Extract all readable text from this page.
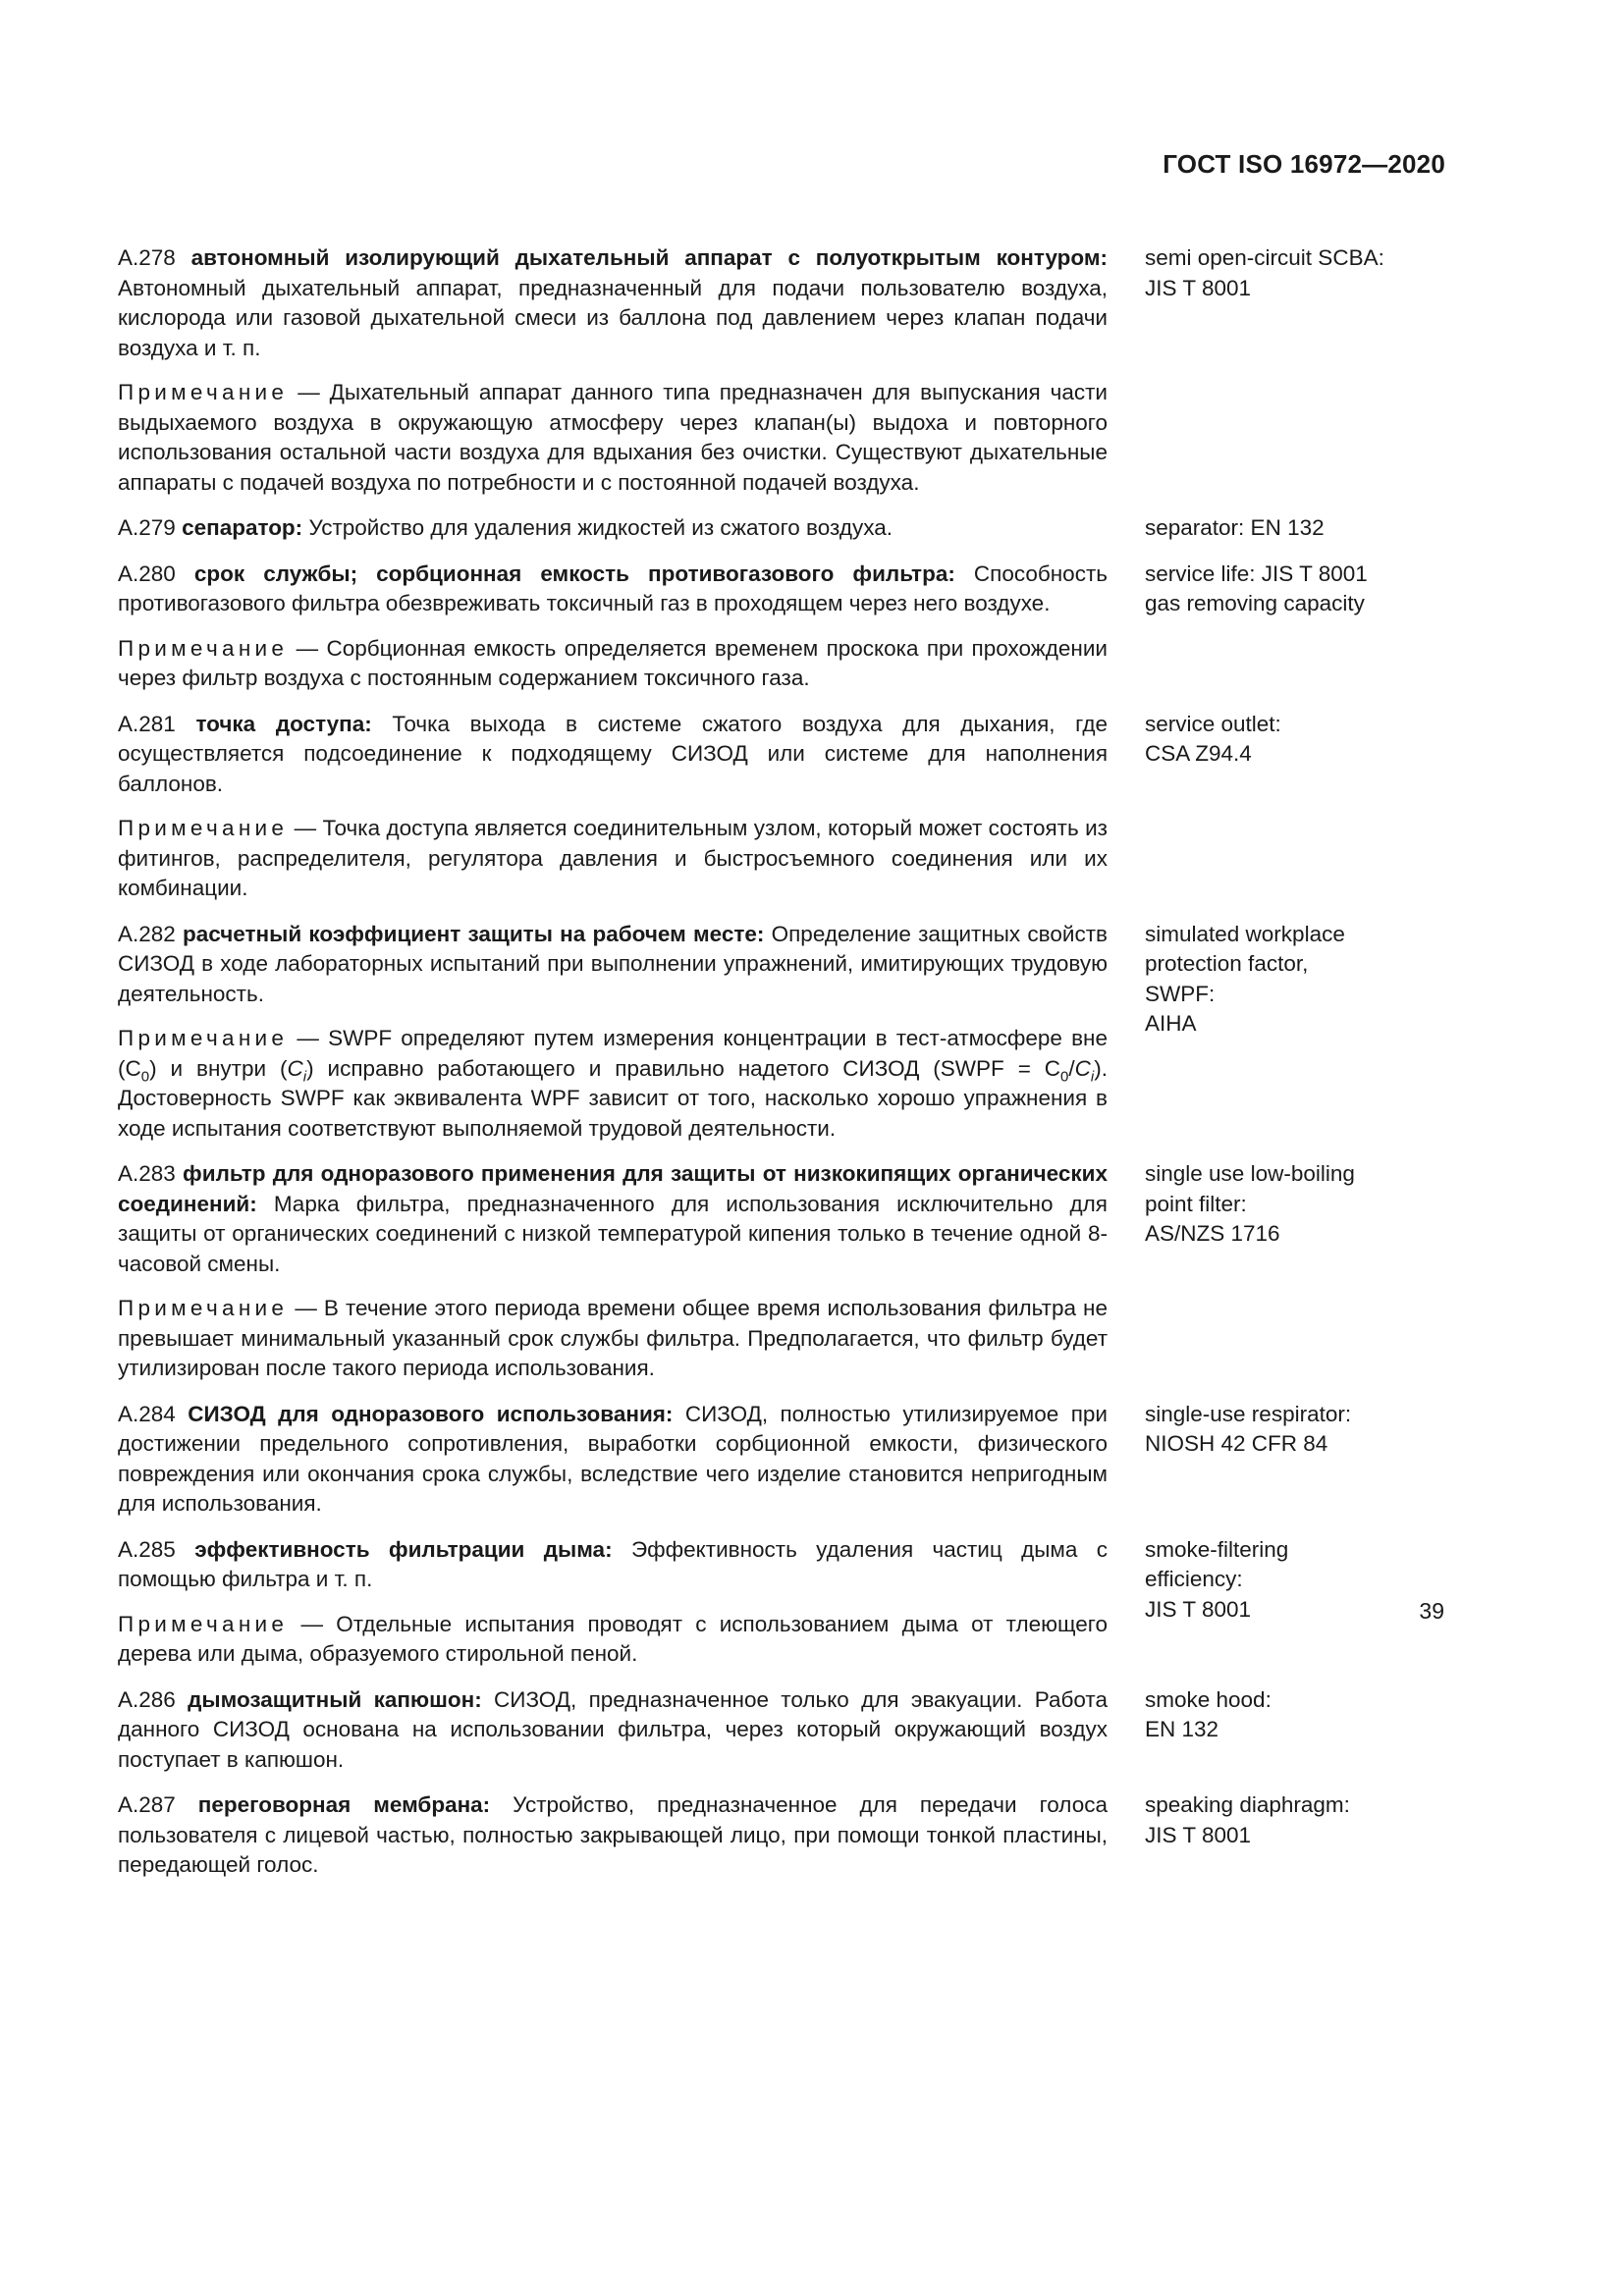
ГОСТ ISO 16972—2020

А.278 автономный изолирующий дыхательный аппарат с полуоткрытым контуром: Автономный дыхательный аппарат, предназначенный для подачи пользователю воздуха, кислорода или газовой дыхательной смеси из баллона под давлением через клапан подачи воздуха и т. п.

Примечание — Дыхательный аппарат данного типа предназначен для выпускания части выдыхаемого воздуха в окружающую атмосферу через клапан(ы) выдоха и повторного использования остальной части воздуха для вдыхания без очистки. Существуют дыхательные аппараты с подачей воздуха по потребности и с постоянной подачей воздуха.

semi open-circuit SCBA:
JIS T 8001

А.279 сепаратор: Устройство для удаления жидкостей из сжатого воздуха.	separator: EN 132

А.280 срок службы; сорбционная емкость противогазового фильтра: Способность противогазового фильтра обезвреживать токсичный газ в проходящем через него воздухе.

Примечание — Сорбционная емкость определяется временем проскока при прохождении через фильтр воздуха с постоянным содержанием токсичного газа.

service life: JIS T 8001
gas removing capacity

А.281 точка доступа: Точка выхода в системе сжатого воздуха для дыхания, где осуществляется подсоединение к подходящему СИЗОД или системе для наполнения баллонов.

Примечание — Точка доступа является соединительным узлом, который может состоять из фитингов, распределителя, регулятора давления и быстросъемного соединения или их комбинации.

service outlet:
CSA Z94.4

А.282 расчетный коэффициент защиты на рабочем месте: Определение защитных свойств СИЗОД в ходе лабораторных испытаний при выполнении упражнений, имитирующих трудовую деятельность.

Примечание — SWPF определяют путем измерения концентрации в тест-атмосфере вне $(C_0)$ и внутри $(C_i)$ исправно работающего и правильно надетого СИЗОД (SWPF = $C_0/C_i$). Достоверность SWPF как эквивалента WPF зависит от того, насколько хорошо упражнения в ходе испытания соответствуют выполняемой трудовой деятельности.

simulated workplace
protection factor,
SWPF:
AIHA

А.283 фильтр для одноразового применения для защиты от низкокипящих органических соединений: Марка фильтра, предназначенного для использования исключительно для защиты от органических соединений с низкой температурой кипения только в течение одной 8-часовой смены.

Примечание — В течение этого периода времени общее время использования фильтра не превышает минимальный указанный срок службы фильтра. Предполагается, что фильтр будет утилизирован после такого периода использования.

single use low-boiling
point filter:
AS/NZS 1716

А.284 СИЗОД для одноразового использования: СИЗОД, полностью утилизируемое при достижении предельного сопротивления, выработки сорбционной емкости, физического повреждения или окончания срока службы, вследствие чего изделие становится непригодным для использования.

single-use respirator:
NIOSH 42 CFR 84

А.285 эффективность фильтрации дыма: Эффективность удаления частиц дыма с помощью фильтра и т. п.

Примечание — Отдельные испытания проводят с использованием дыма от тлеющего дерева или дыма, образуемого стирольной пеной.

smoke-filtering
efficiency:
JIS T 8001

А.286 дымозащитный капюшон: СИЗОД, предназначенное только для эвакуации. Работа данного СИЗОД основана на использовании фильтра, через который окружающий воздух поступает в капюшон.

smoke hood:
EN 132

А.287 переговорная мембрана: Устройство, предназначенное для передачи голоса пользователя с лицевой частью, полностью закрывающей лицо, при помощи тонкой пластины, передающей голос.

speaking diaphragm:
JIS T 8001
39
